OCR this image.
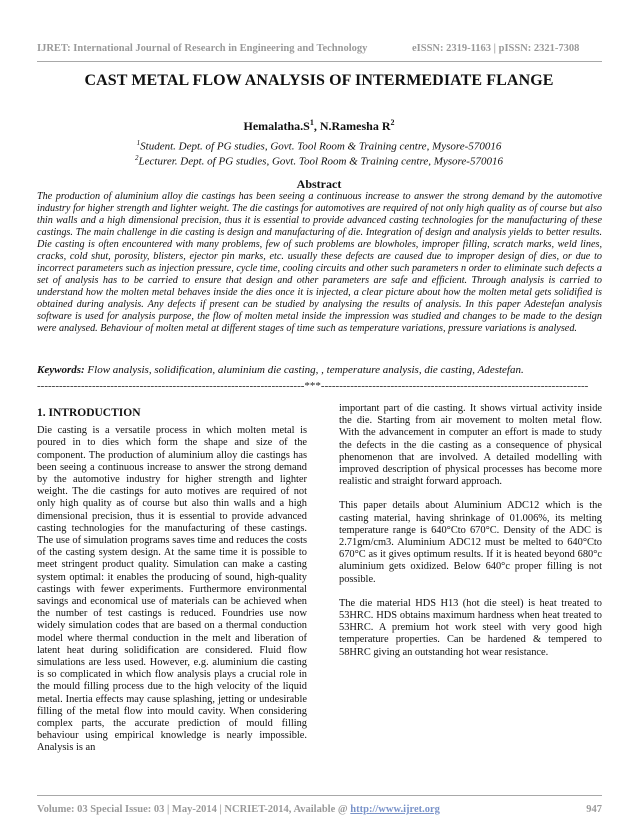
IJRET: International Journal of Research in Engineering and Technology	eISSN: 2319-1163 | pISSN: 2321-7308
CAST METAL FLOW ANALYSIS OF INTERMEDIATE FLANGE
$Hemalatha.S^1$, N.Ramesha $R^2$
$^1$Student. Dept. of PG studies, Govt. Tool Room & Training centre, Mysore-570016
$^2$Lecturer. Dept. of PG studies, Govt. Tool Room & Training centre, Mysore-570016
Abstract

The production of aluminium alloy die castings has been seeing a continuous increase to answer the strong demand by the automotive industry for higher strength and lighter weight. The die castings for automotives are required of not only high quality as of course but also thin walls and a high dimensional precision, thus it is essential to provide advanced casting technologies for the manufacturing of these castings. The main challenge in die casting is design and manufacturing of die. Integration of design and analysis yields to better results. Die casting is often encountered with many problems, few of such problems are blowholes, improper filling, scratch marks, weld lines, cracks, cold shut, porosity, blisters, ejector pin marks, etc. usually these defects are caused due to improper design of dies, or due to incorrect parameters such as injection pressure, cycle time, cooling circuits and other such parameters n order to eliminate such defects a set of analysis has to be carried to ensure that design and other parameters are safe and efficient. Through analysis is carried to understand how the molten metal behaves inside the dies once it is injected, a clear picture about how the molten metal gets solidified is obtained during analysis. Any defects if present can be studied by analysing the results of analysis. In this paper Adestefan analysis software is used for analysis purpose, the flow of molten metal inside the impression was studied and changes to be made to the design were analysed. Behaviour of molten metal at different stages of time such as temperature variations, pressure variations is analysed.

Keywords: Flow analysis, solidification, aluminium die casting, , temperature analysis, die casting, Adestefan.

-------------------------------------------------------------------------***-------------------------------------------------------------------------
1. INTRODUCTION

Die casting is a versatile process in which molten metal is poured in to dies which form the shape and size of the component. The production of aluminium alloy die castings has been seeing a continuous increase to answer the strong demand by the automotive industry for higher strength and lighter weight. The die castings for auto motives are required of not only high quality as of course but also thin walls and a high dimensional precision, thus it is essential to provide advanced casting technologies for the manufacturing of these castings. The use of simulation programs saves time and reduces the costs of the casting system design. At the same time it is possible to meet stringent product quality. Simulation can make a casting system optimal: it enables the producing of sound, high-quality castings with fewer experiments. Furthermore environmental savings and economical use of materials can be achieved when the number of test castings is reduced. Foundries use now widely simulation codes that are based on a thermal conduction model where thermal conduction in the melt and liberation of latent heat during solidification are considered. Fluid flow simulations are less used. However, e.g. aluminium die casting is so complicated in which flow analysis plays a crucial role in the mould filling process due to the high velocity of the liquid metal. Inertia effects may cause splashing, jetting or undesirable filling of the metal flow into mould cavity. When considering complex parts, the accurate prediction of mould filling behaviour using empirical knowledge is nearly impossible. Analysis is an

important part of die casting. It shows virtual activity inside the die. Starting from air movement to molten metal flow. With the advancement in computer an effort is made to study the defects in the die casting as a consequence of physical phenomenon that are involved. A detailed modelling with improved description of physical processes has become more realistic and straight forward approach.

This paper details about Aluminium ADC12 which is the casting material, having shrinkage of 01.006%, its melting temperature range is 640°Cto 670°C. Density of the ADC is 2.71gm/cm3. Aluminium ADC12 must be melted to 640°Cto 670°C as it gives optimum results. If it is heated beyond 680°c aluminium gets oxidized. Below 640°c proper filling is not possible.

The die material HDS H13 (hot die steel) is heat treated to 53HRC. HDS obtains maximum hardness when heat treated to 53HRC. A premium hot work steel with very good high temperature properties. Can be hardened & tempered to 58HRC giving an outstanding hot wear resistance.

Volume: 03 Special Issue: 03 | May-2014 | NCRIET-2014, Available @ http://www.ijret.org	947
